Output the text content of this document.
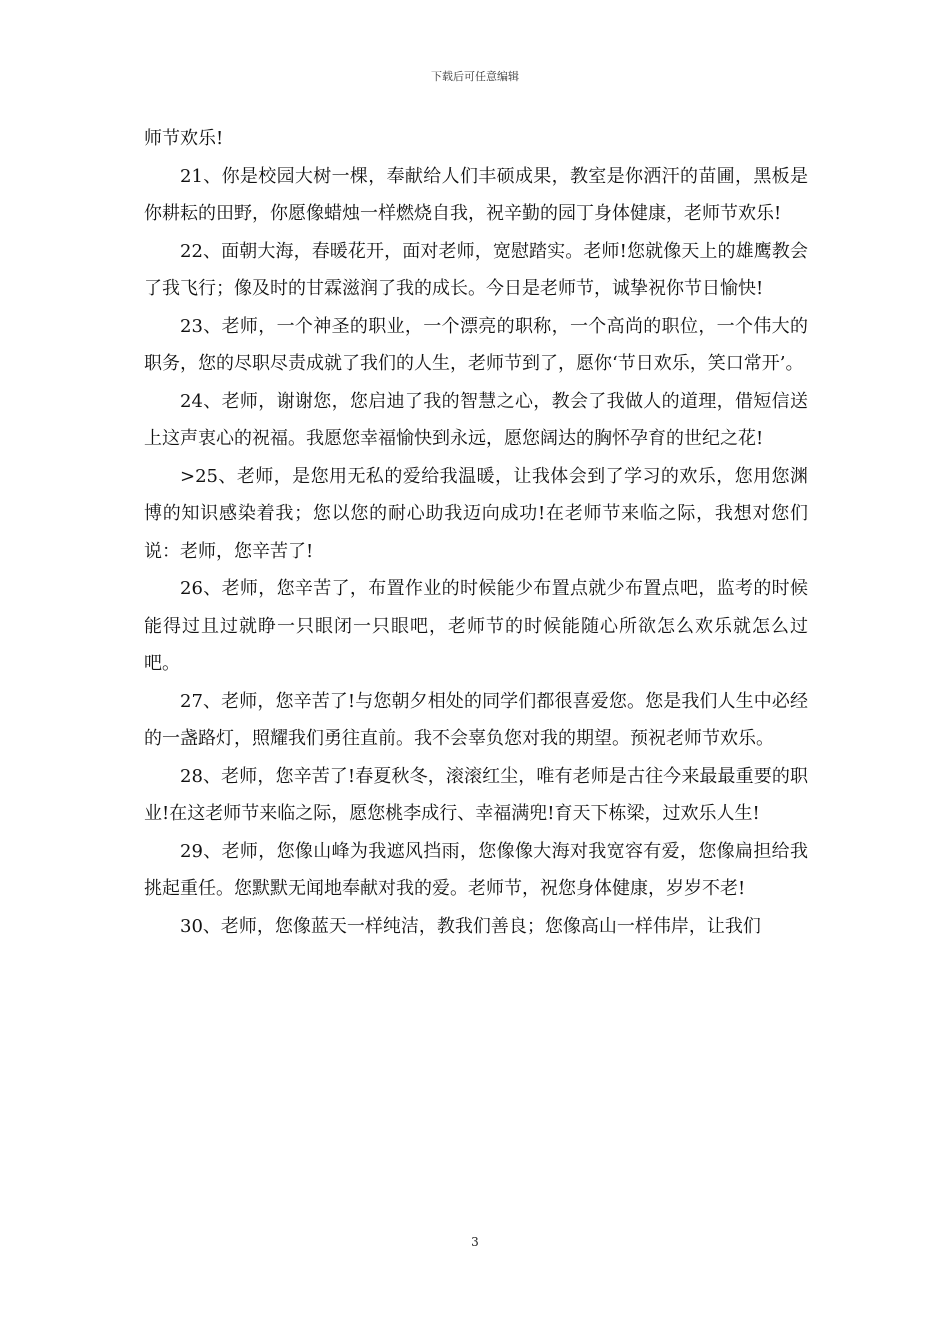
下载后可任意编辑

师节欢乐!

21、你是校园大树一棵，奉献给人们丰硕成果，教室是你洒汗的苗圃，黑板是你耕耘的田野，你愿像蜡烛一样燃烧自我，祝辛勤的园丁身体健康，老师节欢乐!

22、面朝大海，春暖花开，面对老师，宽慰踏实。老师!您就像天上的雄鹰教会了我飞行；像及时的甘霖滋润了我的成长。今日是老师节，诚挚祝你节日愉快!

23、老师，一个神圣的职业，一个漂亮的职称，一个高尚的职位，一个伟大的职务，您的尽职尽责成就了我们的人生，老师节到了，愿你‘节日欢乐，笑口常开’。

24、老师，谢谢您，您启迪了我的智慧之心，教会了我做人的道理，借短信送上这声衷心的祝福。我愿您幸福愉快到永远，愿您阔达的胸怀孕育的世纪之花!

>25、老师，是您用无私的爱给我温暖，让我体会到了学习的欢乐，您用您渊博的知识感染着我；您以您的耐心助我迈向成功!在老师节来临之际，我想对您们说：老师，您辛苦了!

26、老师，您辛苦了，布置作业的时候能少布置点就少布置点吧，监考的时候能得过且过就睁一只眼闭一只眼吧，老师节的时候能随心所欲怎么欢乐就怎么过吧。

27、老师，您辛苦了!与您朝夕相处的同学们都很喜爱您。您是我们人生中必经的一盏路灯，照耀我们勇往直前。我不会辜负您对我的期望。预祝老师节欢乐。

28、老师，您辛苦了!春夏秋冬，滚滚红尘，唯有老师是古往今来最最重要的职业!在这老师节来临之际，愿您桃李成行、幸福满兜!育天下栋梁，过欢乐人生!

29、老师，您像山峰为我遮风挡雨，您像像大海对我宽容有爱，您像扁担给我挑起重任。您默默无闻地奉献对我的爱。老师节，祝您身体健康，岁岁不老!

30、老师，您像蓝天一样纯洁，教我们善良；您像高山一样伟岸，让我们

3
